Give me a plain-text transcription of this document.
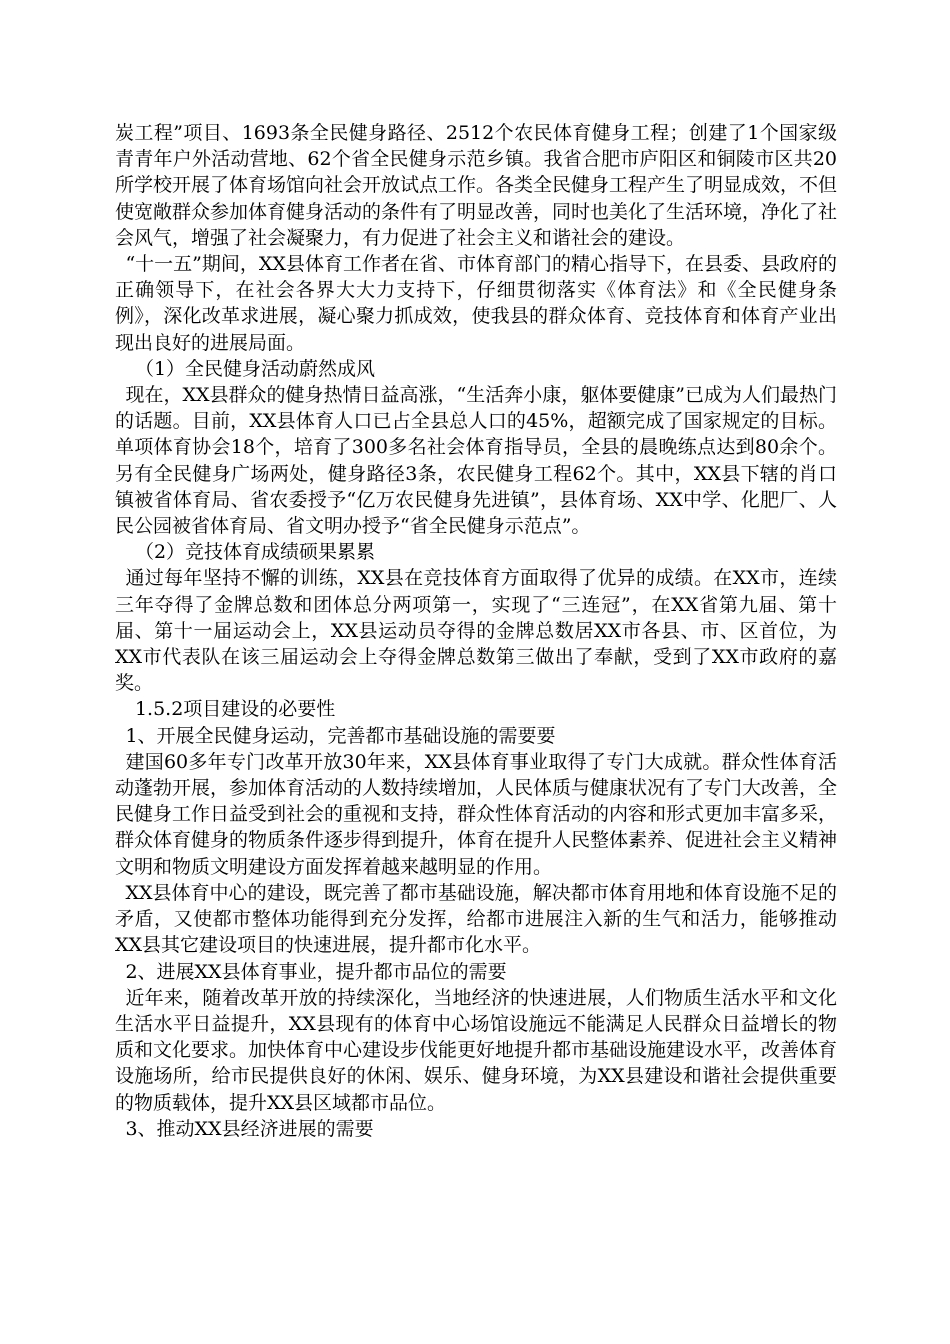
炭工程”项目、1693条全民健身路径、2512个农民体育健身工程；创建了1个国家级青青年户外活动营地、62个省全民健身示范乡镇。我省合肥市庐阳区和铜陵市区共20所学校开展了体育场馆向社会开放试点工作。各类全民健身工程产生了明显成效，不但使宽敞群众参加体育健身活动的条件有了明显改善，同时也美化了生活环境，净化了社会风气，增强了社会凝聚力，有力促进了社会主义和谐社会的建设。

“十一五”期间，XX县体育工作者在省、市体育部门的精心指导下，在县委、县政府的正确领导下，在社会各界大大力支持下，仔细贯彻落实《体育法》和《全民健身条例》，深化改革求进展，凝心聚力抓成效，使我县的群众体育、竞技体育和体育产业出现出良好的进展局面。

（1）全民健身活动蔚然成风

现在，XX县群众的健身热情日益高涨，“生活奔小康，躯体要健康”已成为人们最热门的话题。目前，XX县体育人口已占全县总人口的45%，超额完成了国家规定的目标。单项体育协会18个，培育了300多名社会体育指导员，全县的晨晚练点达到80余个。另有全民健身广场两处，健身路径3条，农民健身工程62个。其中，XX县下辖的肖口镇被省体育局、省农委授予“亿万农民健身先进镇”，县体育场、XX中学、化肥厂、人民公园被省体育局、省文明办授予“省全民健身示范点”。

（2）竞技体育成绩硕果累累

通过每年坚持不懈的训练，XX县在竞技体育方面取得了优异的成绩。在XX市，连续三年夺得了金牌总数和团体总分两项第一，实现了“三连冠”，在XX省第九届、第十届、第十一届运动会上，XX县运动员夺得的金牌总数居XX市各县、市、区首位，为XX市代表队在该三届运动会上夺得金牌总数第三做出了奉献，受到了XX市政府的嘉奖。

1.5.2项目建设的必要性

1、开展全民健身运动，完善都市基础设施的需要要

建国60多年专门改革开放30年来，XX县体育事业取得了专门大成就。群众性体育活动蓬勃开展，参加体育活动的人数持续增加，人民体质与健康状况有了专门大改善，全民健身工作日益受到社会的重视和支持，群众性体育活动的内容和形式更加丰富多采，群众体育健身的物质条件逐步得到提升，体育在提升人民整体素养、促进社会主义精神文明和物质文明建设方面发挥着越来越明显的作用。

XX县体育中心的建设，既完善了都市基础设施，解决都市体育用地和体育设施不足的矛盾，又使都市整体功能得到充分发挥，给都市进展注入新的生气和活力，能够推动XX县其它建设项目的快速进展，提升都市化水平。

2、进展XX县体育事业，提升都市品位的需要

近年来，随着改革开放的持续深化，当地经济的快速进展，人们物质生活水平和文化生活水平日益提升，XX县现有的体育中心场馆设施远不能满足人民群众日益增长的物质和文化要求。加快体育中心建设步伐能更好地提升都市基础设施建设水平，改善体育设施场所，给市民提供良好的休闲、娱乐、健身环境，为XX县建设和谐社会提供重要的物质载体，提升XX县区域都市品位。

3、推动XX县经济进展的需要
